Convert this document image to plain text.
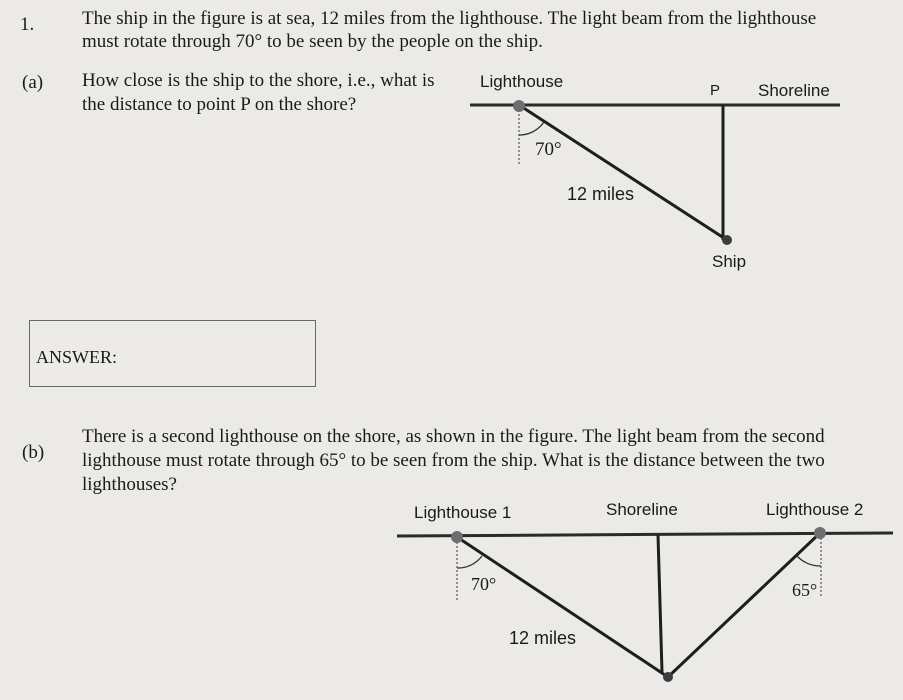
1.	The ship in the figure is at sea, 12 miles from the lighthouse. The light beam from the lighthouse
must rotate through 70° to be seen by the people on the ship.
(a) How close is the ship to the shore, i.e., what is
the distance to point P on the shore?
ANSWER:
Lighthouse	P Shoreline
70°
12 miles
Ship
(b)
There is a second lighthouse on the shore, as shown in the figure. The light beam from the second
lighthouse must rotate through 65° to be seen from the ship. What is the distance between the two
lighthouses?
Lighthouse 1	Shoreline	Lighthouse 2
70°	65°
12 miles
